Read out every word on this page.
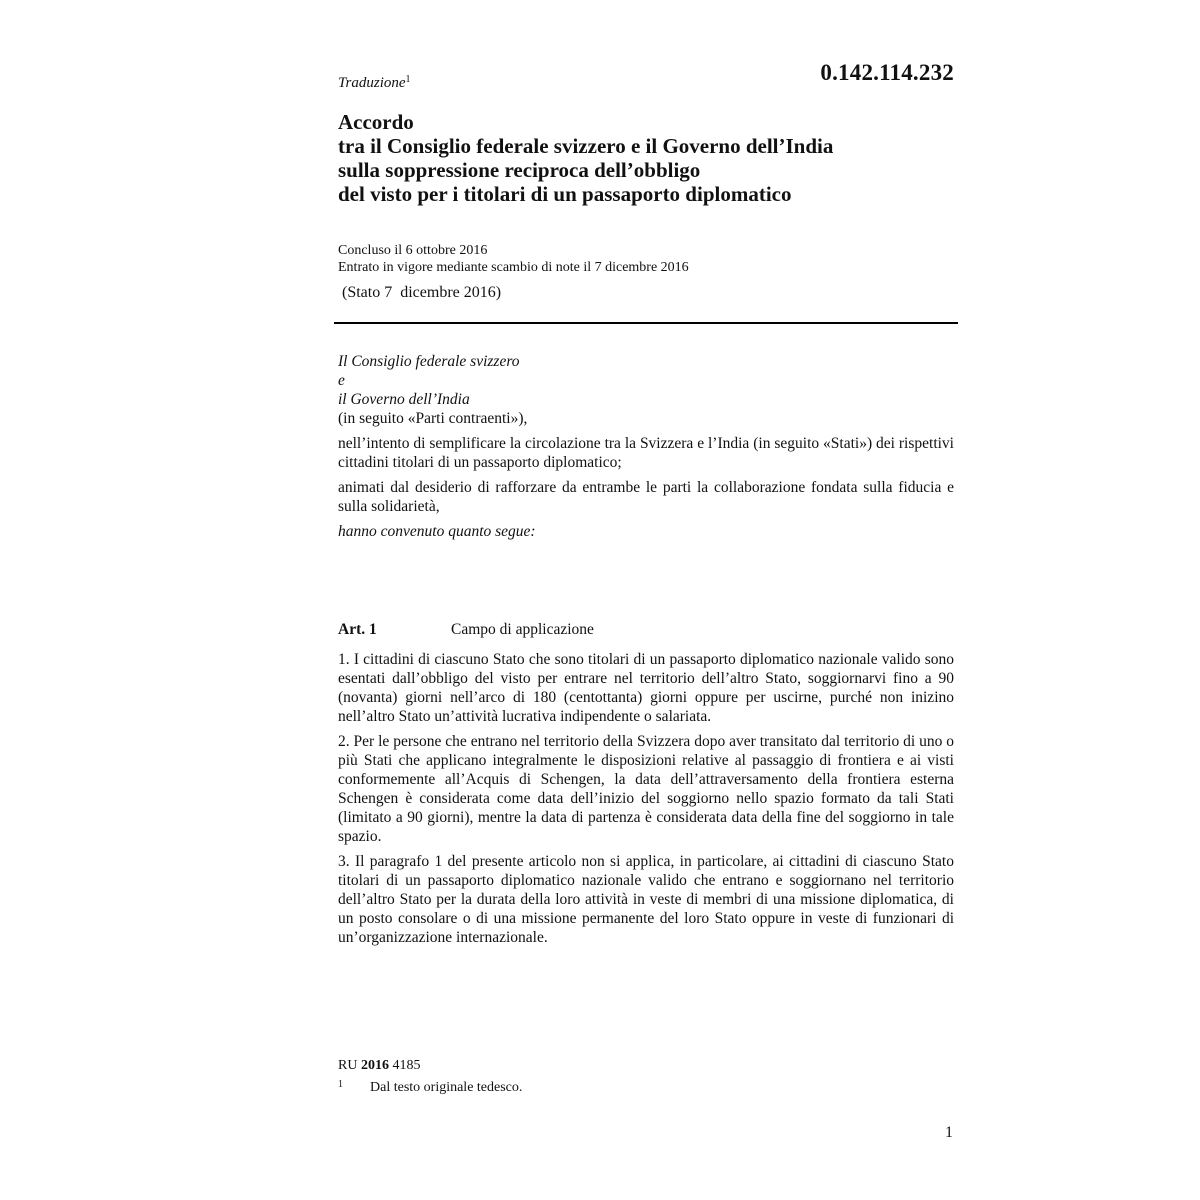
0.142.114.232
Traduzione$^1$
Accordo
tra il Consiglio federale svizzero e il Governo dell’India
sulla soppressione reciproca dell’obbligo
del visto per i titolari di un passaporto diplomatico
Concluso il 6 ottobre 2016
Entrato in vigore mediante scambio di note il 7 dicembre 2016
(Stato 7  dicembre 2016)
Il Consiglio federale svizzero
e
il Governo dell’India
(in seguito «Parti contraenti»),

nell’intento di semplificare la circolazione tra la Svizzera e l’India (in seguito «Stati») dei rispettivi cittadini titolari di un passaporto diplomatico;

animati dal desiderio di rafforzare da entrambe le parti la collaborazione fondata sulla fiducia e sulla solidarietà,

hanno convenuto quanto segue:
Art. 1	Campo di applicazione

1. I cittadini di ciascuno Stato che sono titolari di un passaporto diplomatico nazionale valido sono esentati dall’obbligo del visto per entrare nel territorio dell’altro Stato, soggiornarvi fino a 90 (novanta) giorni nell’arco di 180 (centottanta) giorni oppure per uscirne, purché non inizino nell’altro Stato un’attività lucrativa indipendente o salariata.

2. Per le persone che entrano nel territorio della Svizzera dopo aver transitato dal territorio di uno o più Stati che applicano integralmente le disposizioni relative al passaggio di frontiera e ai visti conformemente all’Acquis di Schengen, la data dell’attraversamento della frontiera esterna Schengen è considerata come data dell’inizio del soggiorno nello spazio formato da tali Stati (limitato a 90 giorni), mentre la data di partenza è considerata data della fine del soggiorno in tale spazio.

3. Il paragrafo 1 del presente articolo non si applica, in particolare, ai cittadini di ciascuno Stato titolari di un passaporto diplomatico nazionale valido che entrano e soggiornano nel territorio dell’altro Stato per la durata della loro attività in veste di membri di una missione diplomatica, di un posto consolare o di una missione permanente del loro Stato oppure in veste di funzionari di un’organizzazione internazionale.

RU 2016 4185
1 Dal testo originale tedesco.
1
